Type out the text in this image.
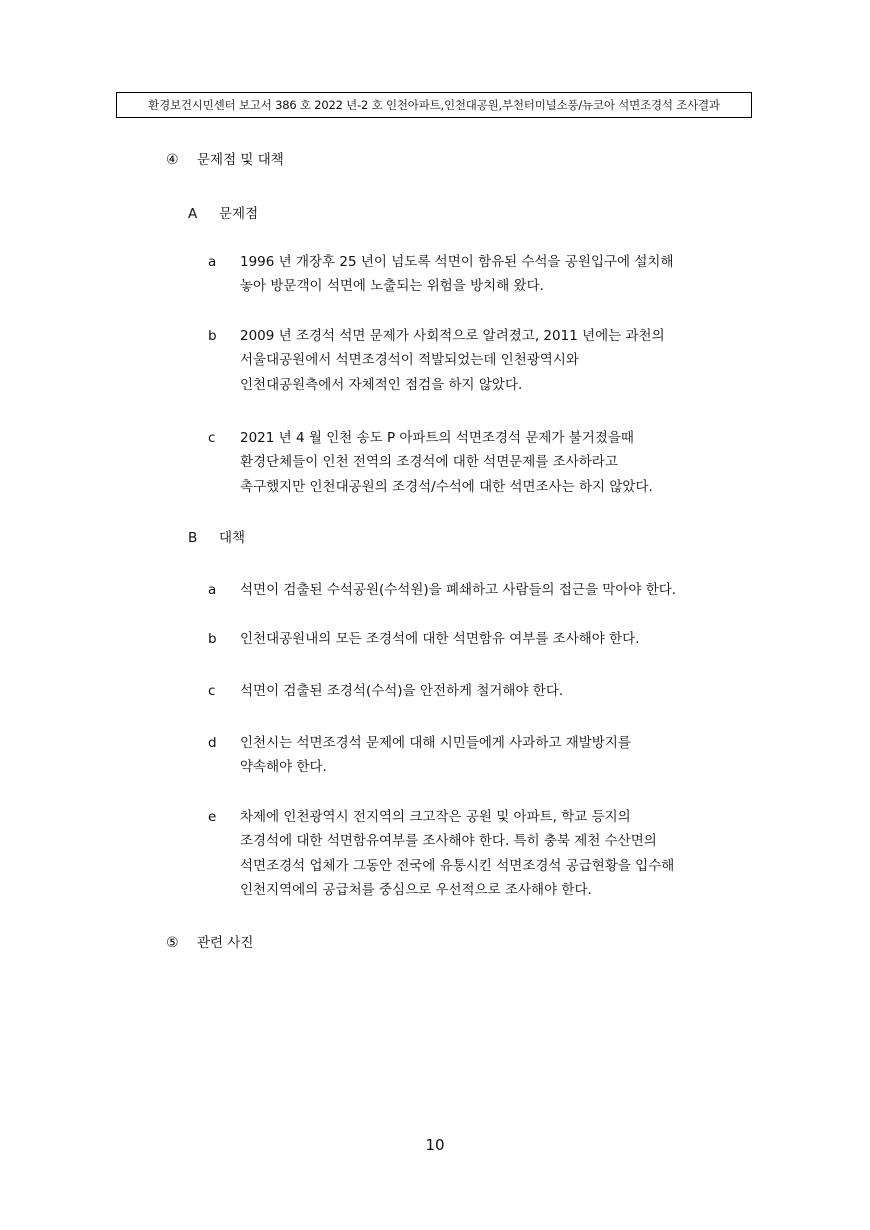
환경보건시민센터 보고서 386 호 2022 년-2 호 인천아파트,인천대공원,부천터미널소풍/뉴코아 석면조경석 조사결과
④ 문제점 및 대책
A 문제점
a	1996 년 개장후 25 년이 넘도록 석면이 함유된 수석을 공원입구에 설치해
놓아 방문객이 석면에 노출되는 위험을 방치해 왔다.
b	2009 년 조경석 석면 문제가 사회적으로 알려졌고, 2011 년에는 과천의
서울대공원에서 석면조경석이 적발되었는데 인천광역시와
인천대공원측에서 자체적인 점검을 하지 않았다.
c	2021 년 4 월 인천 송도 P 아파트의 석면조경석 문제가 불거졌을때
환경단체들이 인천 전역의 조경석에 대한 석면문제를 조사하라고
촉구했지만 인천대공원의 조경석/수석에 대한 석면조사는 하지 않았다.
B 대책
a	석면이 검출된 수석공원(수석원)을 폐쇄하고 사람들의 접근을 막아야 한다.
b	인천대공원내의 모든 조경석에 대한 석면함유 여부를 조사해야 한다.
c	석면이 검출된 조경석(수석)을 안전하게 철거해야 한다.
d	인천시는 석면조경석 문제에 대해 시민들에게 사과하고 재발방지를
약속해야 한다.
e	차제에 인천광역시 전지역의 크고작은 공원 및 아파트, 학교 등지의
조경석에 대한 석면함유여부를 조사해야 한다. 특히 충북 제천 수산면의
석면조경석 업체가 그동안 전국에 유통시킨 석면조경석 공급현황을 입수해
인천지역에의 공급처를 중심으로 우선적으로 조사해야 한다.
⑤ 관련 사진
10
